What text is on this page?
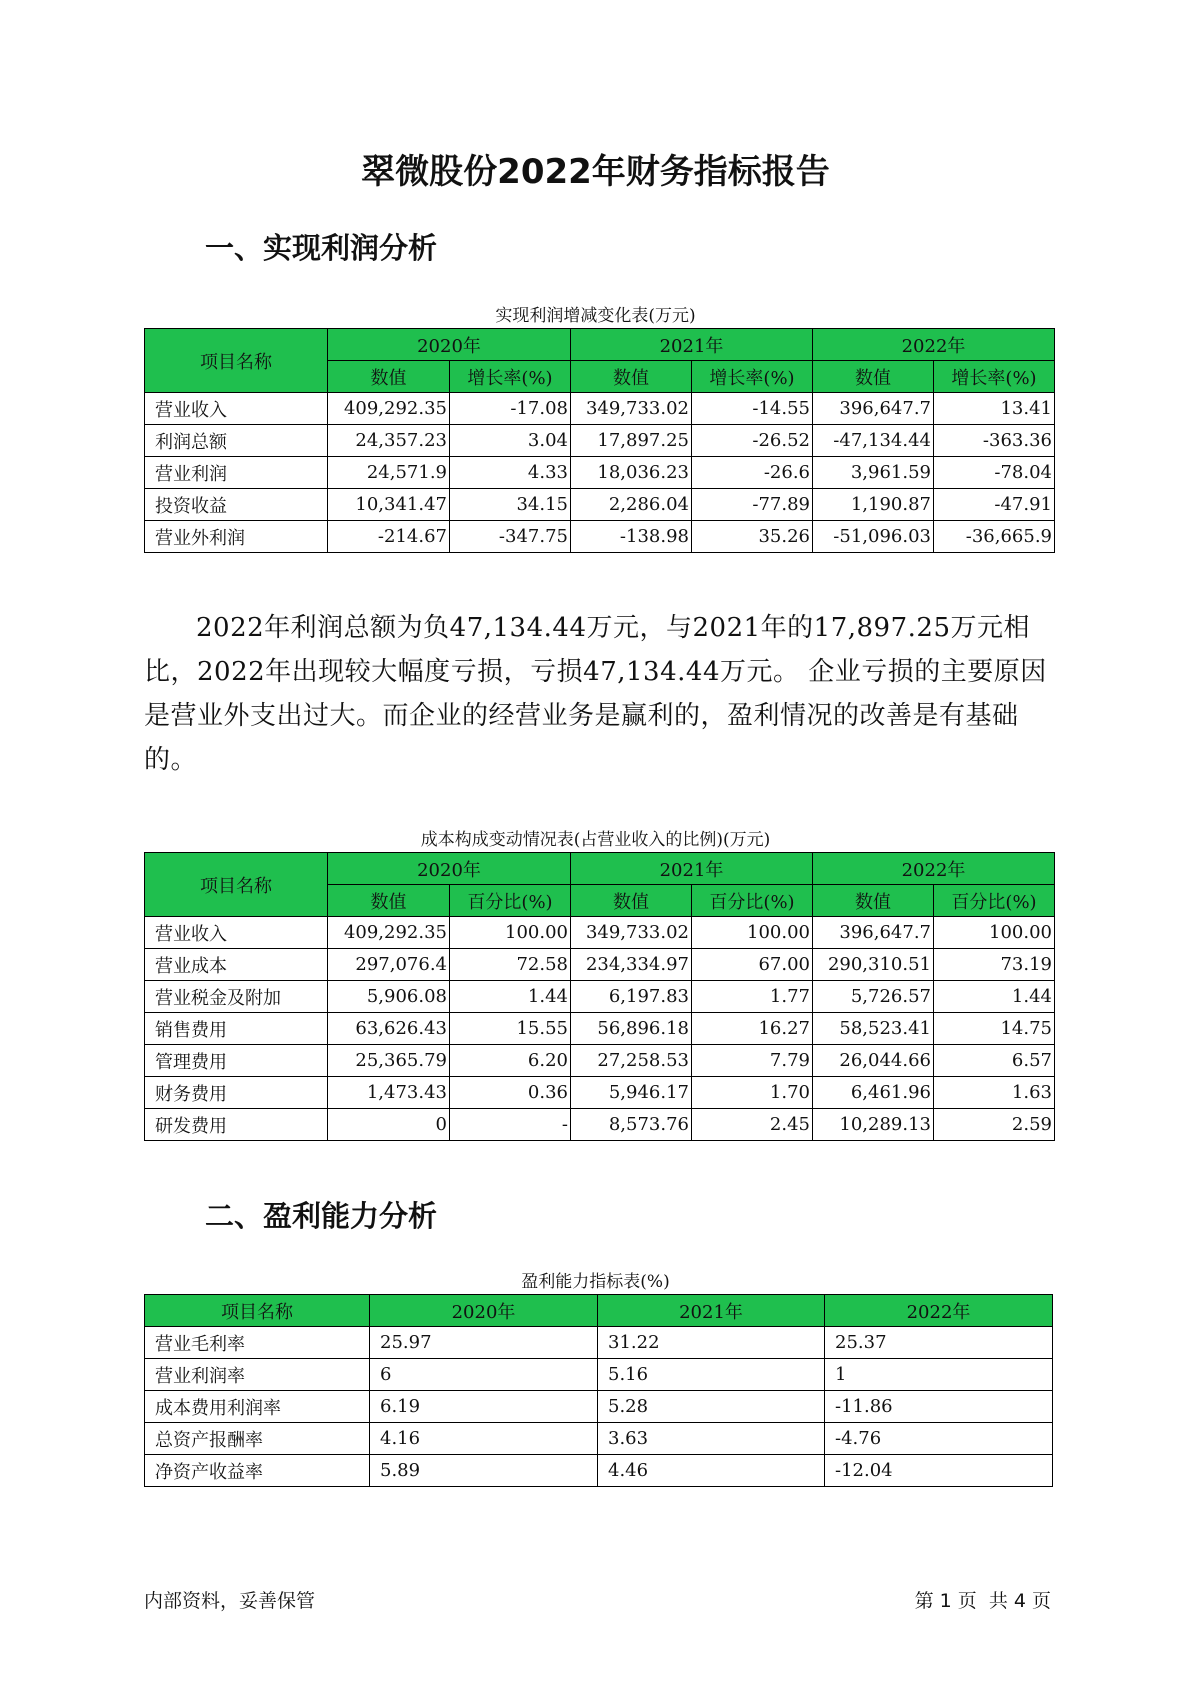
翠微股份2022年财务指标报告
一、实现利润分析
实现利润增减变化表(万元)
项目名称	2020年		2021年		2022年	
	数值	增长率(%)	数值	增长率(%)	数值	增长率(%)
营业收入	409,292.35	-17.08	349,733.02	-14.55	396,647.7	13.41
利润总额	24,357.23	3.04	17,897.25	-26.52	-47,134.44	-363.36
营业利润	24,571.9	4.33	18,036.23	-26.6	3,961.59	-78.04
投资收益	10,341.47	34.15	2,286.04	-77.89	1,190.87	-47.91
营业外利润	-214.67	-347.75	-138.98	35.26	-51,096.03	-36,665.9

2022年利润总额为负47,134.44万元，与2021年的17,897.25万元相比，2022年出现较大幅度亏损，亏损47,134.44万元。 企业亏损的主要原因是营业外支出过大。而企业的经营业务是赢利的，盈利情况的改善是有基础的。

成本构成变动情况表(占营业收入的比例)(万元)
项目名称	2020年		2021年		2022年	
	数值	百分比(%)	数值	百分比(%)	数值	百分比(%)
营业收入	409,292.35	100.00	349,733.02	100.00	396,647.7	100.00
营业成本	297,076.4	72.58	234,334.97	67.00	290,310.51	73.19
营业税金及附加	5,906.08	1.44	6,197.83	1.77	5,726.57	1.44
销售费用	63,626.43	15.55	56,896.18	16.27	58,523.41	14.75
管理费用	25,365.79	6.20	27,258.53	7.79	26,044.66	6.57
财务费用	1,473.43	0.36	5,946.17	1.70	6,461.96	1.63
研发费用	0	-	8,573.76	2.45	10,289.13	2.59
二、盈利能力分析
盈利能力指标表(%)
项目名称	2020年	2021年	2022年
营业毛利率	25.97	31.22	25.37
营业利润率	6	5.16	1
成本费用利润率	6.19	5.28	-11.86
总资产报酬率	4.16	3.63	-4.76
净资产收益率	5.89	4.46	-12.04
内部资料，妥善保管	第 1 页  共 4 页
